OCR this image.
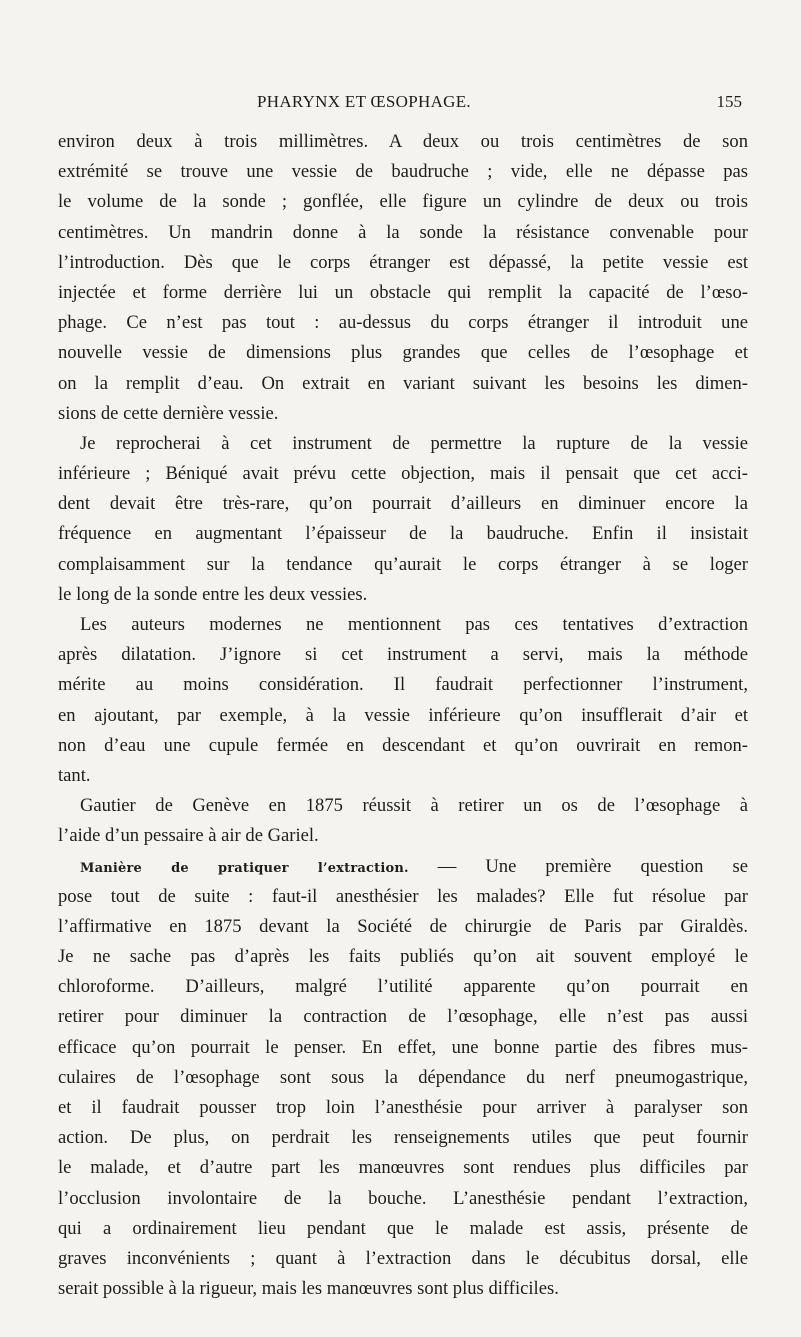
PHARYNX ET ŒSOPHAGE.	155
environ deux à trois millimètres. A deux ou trois centimètres de son
extrémité se trouve une vessie de baudruche ; vide, elle ne dépasse pas
le volume de la sonde ; gonflée, elle figure un cylindre de deux ou trois
centimètres. Un mandrin donne à la sonde la résistance convenable pour
l’introduction. Dès que le corps étranger est dépassé, la petite vessie est
injectée et forme derrière lui un obstacle qui remplit la capacité de l’œso-
phage. Ce n’est pas tout : au-dessus du corps étranger il introduit une
nouvelle vessie de dimensions plus grandes que celles de l’œsophage et
on la remplit d’eau. On extrait en variant suivant les besoins les dimen-
sions de cette dernière vessie.
Je reprocherai à cet instrument de permettre la rupture de la vessie
inférieure ; Béniqué avait prévu cette objection, mais il pensait que cet acci-
dent devait être très-rare, qu’on pourrait d’ailleurs en diminuer encore la
fréquence en augmentant l’épaisseur de la baudruche. Enfin il insistait
complaisamment sur la tendance qu’aurait le corps étranger à se loger
le long de la sonde entre les deux vessies.
Les auteurs modernes ne mentionnent pas ces tentatives d’extraction
après dilatation. J’ignore si cet instrument a servi, mais la méthode
mérite au moins considération. Il faudrait perfectionner l’instrument,
en ajoutant, par exemple, à la vessie inférieure qu’on insufflerait d’air et
non d’eau une cupule fermée en descendant et qu’on ouvrirait en remon-
tant.
Gautier de Genève en 1875 réussit à retirer un os de l’œsophage à
l’aide d’un pessaire à air de Gariel.
Manière de pratiquer l’extraction. — Une première question se
pose tout de suite : faut-il anesthésier les malades? Elle fut résolue par
l’affirmative en 1875 devant la Société de chirurgie de Paris par Giraldès.
Je ne sache pas d’après les faits publiés qu’on ait souvent employé le
chloroforme. D’ailleurs, malgré l’utilité apparente qu’on pourrait en
retirer pour diminuer la contraction de l’œsophage, elle n’est pas aussi
efficace qu’on pourrait le penser. En effet, une bonne partie des fibres mus-
culaires de l’œsophage sont sous la dépendance du nerf pneumogastrique,
et il faudrait pousser trop loin l’anesthésie pour arriver à paralyser son
action. De plus, on perdrait les renseignements utiles que peut fournir
le malade, et d’autre part les manœuvres sont rendues plus difficiles par
l’occlusion involontaire de la bouche. L’anesthésie pendant l’extraction,
qui a ordinairement lieu pendant que le malade est assis, présente de
graves inconvénients ; quant à l’extraction dans le décubitus dorsal, elle
serait possible à la rigueur, mais les manœuvres sont plus difficiles.
